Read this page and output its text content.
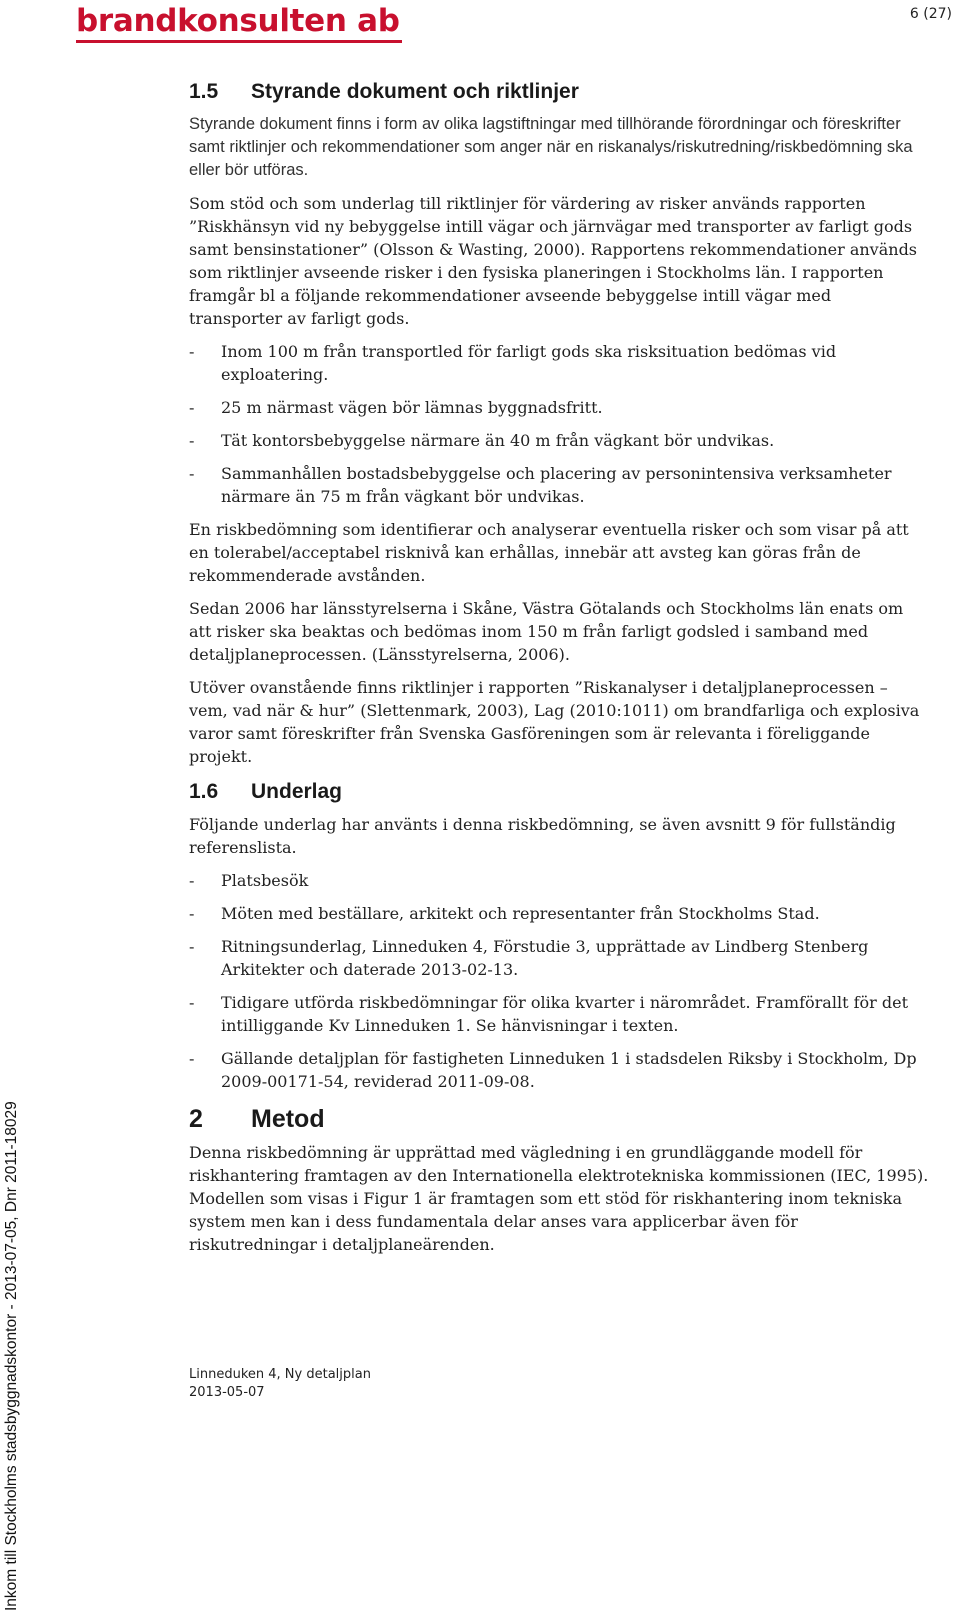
brandkonsulten ab	6 (27)
Inkom till Stockholms stadsbyggnadskontor - 2013-07-05, Dnr 2011-18029
1.5 Styrande dokument och riktlinjer
Styrande dokument finns i form av olika lagstiftningar med tillhörande förordningar och föreskrifter samt riktlinjer och rekommendationer som anger när en riskanalys/riskutredning/riskbedömning ska eller bör utföras.

Som stöd och som underlag till riktlinjer för värdering av risker används rapporten ”Riskhänsyn vid ny bebyggelse intill vägar och järnvägar med transporter av farligt gods samt bensinstationer” (Olsson & Wasting, 2000). Rapportens rekommendationer används som riktlinjer avseende risker i den fysiska planeringen i Stockholms län. I rapporten framgår bl a följande rekommendationer avseende bebyggelse intill vägar med transporter av farligt gods.

- Inom 100 m från transportled för farligt gods ska risksituation bedömas vid exploatering.
- 25 m närmast vägen bör lämnas byggnadsfritt.
- Tät kontorsbebyggelse närmare än 40 m från vägkant bör undvikas.
- Sammanhållen bostadsbebyggelse och placering av personintensiva verksamheter närmare än 75 m från vägkant bör undvikas.

En riskbedömning som identifierar och analyserar eventuella risker och som visar på att en tolerabel/acceptabel risknivå kan erhållas, innebär att avsteg kan göras från de rekommenderade avstånden.

Sedan 2006 har länsstyrelserna i Skåne, Västra Götalands och Stockholms län enats om att risker ska beaktas och bedömas inom 150 m från farligt godsled i samband med detaljplaneprocessen. (Länsstyrelserna, 2006).

Utöver ovanstående finns riktlinjer i rapporten ”Riskanalyser i detaljplaneprocessen – vem, vad när & hur” (Slettenmark, 2003), Lag (2010:1011) om brandfarliga och explosiva varor samt föreskrifter från Svenska Gasföreningen som är relevanta i föreliggande projekt.

1.6 Underlag

Följande underlag har använts i denna riskbedömning, se även avsnitt 9 för fullständig referenslista.

- Platsbesök
- Möten med beställare, arkitekt och representanter från Stockholms Stad.
- Ritningsunderlag, Linneduken 4, Förstudie 3, upprättade av Lindberg Stenberg Arkitekter och daterade 2013-02-13.
- Tidigare utförda riskbedömningar för olika kvarter i närområdet. Framförallt för det intilliggande Kv Linneduken 1. Se hänvisningar i texten.
- Gällande detaljplan för fastigheten Linneduken 1 i stadsdelen Riksby i Stockholm, Dp 2009-00171-54, reviderad 2011-09-08.
2 Metod

Denna riskbedömning är upprättad med vägledning i en grundläggande modell för riskhantering framtagen av den Internationella elektrotekniska kommissionen (IEC, 1995). Modellen som visas i Figur 1 är framtagen som ett stöd för riskhantering inom tekniska system men kan i dess fundamentala delar anses vara applicerbar även för riskutredningar i detaljplaneärenden.

Linneduken 4, Ny detaljplan
2013-05-07
